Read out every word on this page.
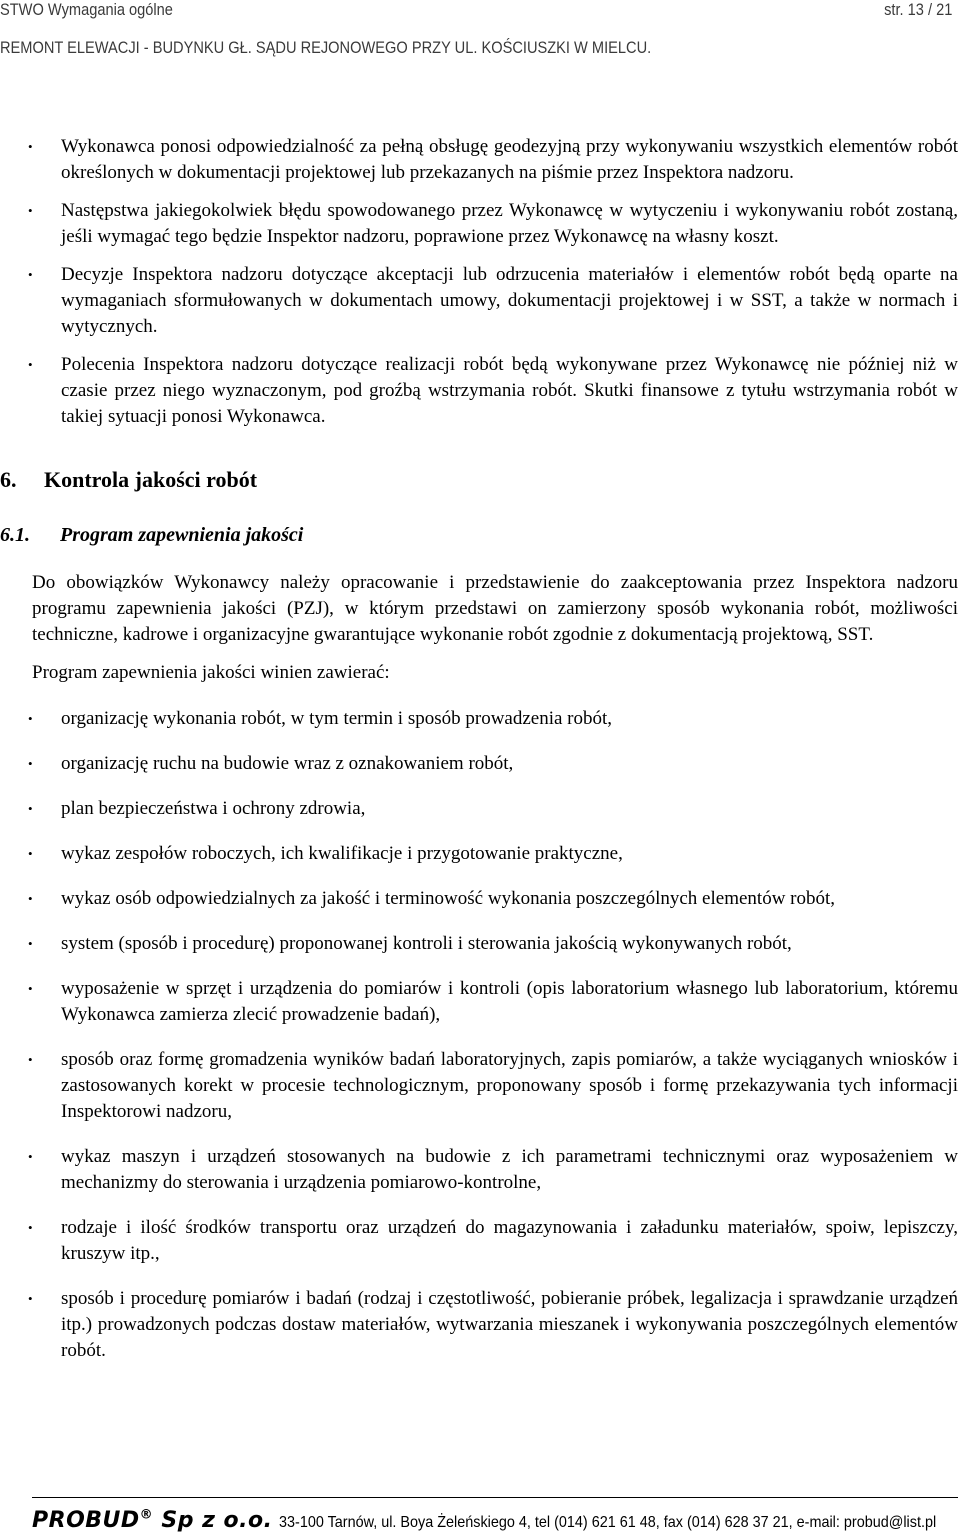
STWO Wymagania ogólne	str. 13 / 21
REMONT ELEWACJI - BUDYNKU GŁ. SĄDU REJONOWEGO PRZY UL. KOŚCIUSZKI W MIELCU.
• Wykonawca ponosi odpowiedzialność za pełną obsługę geodezyjną przy wykonywaniu wszystkich elementów robót określonych w dokumentacji projektowej lub przekazanych na piśmie przez Inspektora nadzoru.
• Następstwa jakiegokolwiek błędu spowodowanego przez Wykonawcę w wytyczeniu i wykonywaniu robót zostaną, jeśli wymagać tego będzie Inspektor nadzoru, poprawione przez Wykonawcę na własny koszt.
• Decyzje Inspektora nadzoru dotyczące akceptacji lub odrzucenia materiałów i elementów robót będą oparte na wymaganiach sformułowanych w dokumentach umowy, dokumentacji projektowej i w SST, a także w normach i wytycznych.
• Polecenia Inspektora nadzoru dotyczące realizacji robót będą wykonywane przez Wykonawcę nie później niż w czasie przez niego wyznaczonym, pod groźbą wstrzymania robót. Skutki finansowe z tytułu wstrzymania robót w takiej sytuacji ponosi Wykonawca.
6. Kontrola jakości robót
6.1. Program zapewnienia jakości

Do obowiązków Wykonawcy należy opracowanie i przedstawienie do zaakceptowania przez Inspektora nadzoru programu zapewnienia jakości (PZJ), w którym przedstawi on zamierzony sposób wykonania robót, możliwości techniczne, kadrowe i organizacyjne gwarantujące wykonanie robót zgodnie z dokumentacją projektową, SST.

Program zapewnienia jakości winien zawierać:

• organizację wykonania robót, w tym termin i sposób prowadzenia robót,
• organizację ruchu na budowie wraz z oznakowaniem robót,
• plan bezpieczeństwa i ochrony zdrowia,
• wykaz zespołów roboczych, ich kwalifikacje i przygotowanie praktyczne,
• wykaz osób odpowiedzialnych za jakość i terminowość wykonania poszczególnych elementów robót,
• system (sposób i procedurę) proponowanej kontroli i sterowania jakością wykonywanych robót,
• wyposażenie w sprzęt i urządzenia do pomiarów i kontroli (opis laboratorium własnego lub laboratorium, któremu Wykonawca zamierza zlecić prowadzenie badań),
• sposób oraz formę gromadzenia wyników badań laboratoryjnych, zapis pomiarów, a także wyciąganych wniosków i zastosowanych korekt w procesie technologicznym, proponowany sposób i formę przekazywania tych informacji Inspektorowi nadzoru,
• wykaz maszyn i urządzeń stosowanych na budowie z ich parametrami technicznymi oraz wyposażeniem w mechanizmy do sterowania i urządzenia pomiarowo-kontrolne,
• rodzaje i ilość środków transportu oraz urządzeń do magazynowania i załadunku materiałów, spoiw, lepiszczy, kruszyw itp.,
• sposób i procedurę pomiarów i badań (rodzaj i częstotliwość, pobieranie próbek, legalizacja i sprawdzanie urządzeń itp.) prowadzonych podczas dostaw materiałów, wytwarzania mieszanek i wykonywania poszczególnych elementów robót.
PROBUD® Sp z o.o. 33-100 Tarnów, ul. Boya Żeleńskiego 4, tel (014) 621 61 48, fax (014) 628 37 21, e-mail: probud@list.pl
